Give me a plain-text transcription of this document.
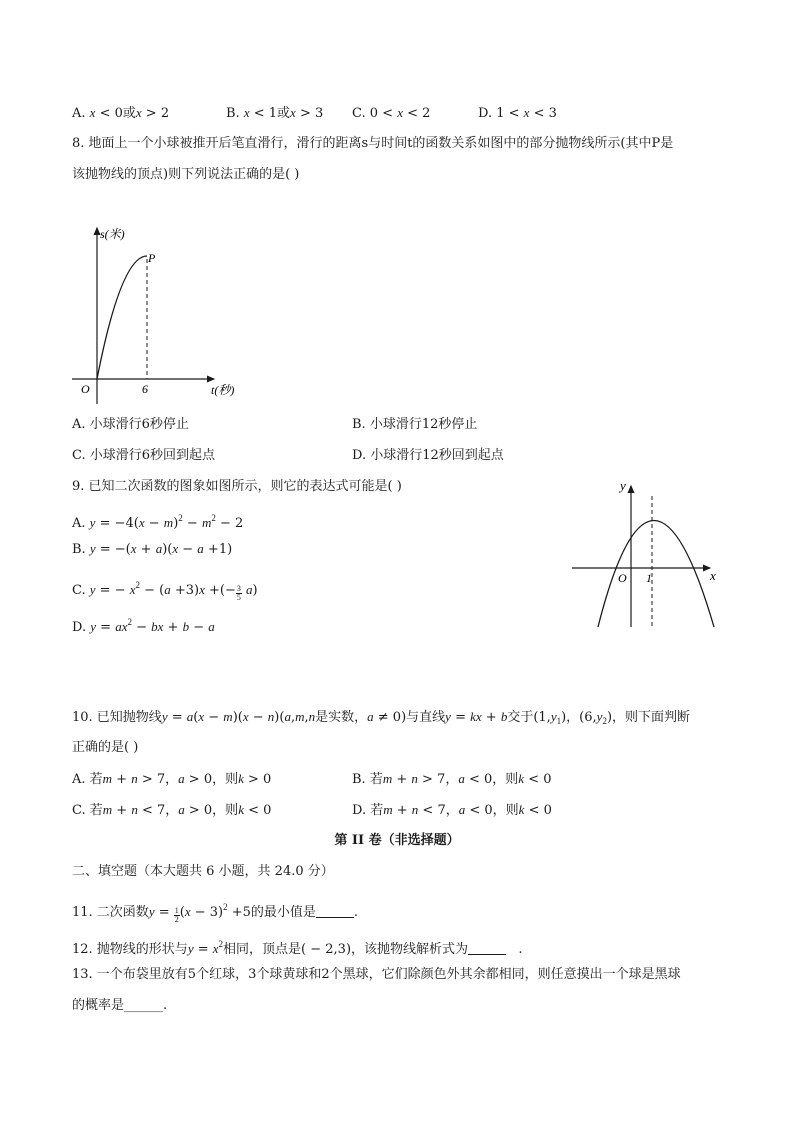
A. x < 0或x > 2	B. x < 1或x > 3 C. 0 < x < 2	D. 1 < x < 3
8. 地面上一个小球被推开后笔直滑行，滑行的距离s与时间t的函数关系如图中的部分抛物线所示(其中P是
该抛物线的顶点)则下列说法正确的是( )
s(米)
P
O	6	t(秒)
A. 小球滑行6秒停止	B. 小球滑行12秒停止
C. 小球滑行6秒回到起点	D. 小球滑行12秒回到起点
9. 已知二次函数的图象如图所示，则它的表达式可能是( )
A. $y = -4(x - m)^2 - m^2 - 2$
B. y = −(x + a)(x − a +1)
C. y = − $x^2 - (a +3)x$ +(− $\frac{3}{5} a$)
D. $y = ax^2$ − bx + b − a
y
O 1	x
10. 已知抛物线y = a(x − m)(x − n)(a,m,n是实数，a ≠ 0)与直线y = kx + b交于$(1,y_1)$，$(6,y_2)$，则下面判断
正确的是( )
A. 若m + n > 7，a > 0，则k > 0	B. 若m + n > 7，a < 0，则k < 0
C. 若m + n < 7，a > 0，则k < 0	D. 若m + n < 7，a < 0，则k < 0
第 II 卷（非选择题）
二、填空题（本大题共 6 小题，共 24.0 分）
11. 二次函数$y = \frac{1}{2} (x - 3)^2 +5$的最小值是	.
12. 抛物线的形状与$y = x^2$相同，顶点是( − 2,3)，该抛物线解析式为	.
13. 一个布袋里放有5个红球，3个球黄球和2个黑球，它们除颜色外其余都相同，则任意摸出一个球是黑球
的概率是______.
